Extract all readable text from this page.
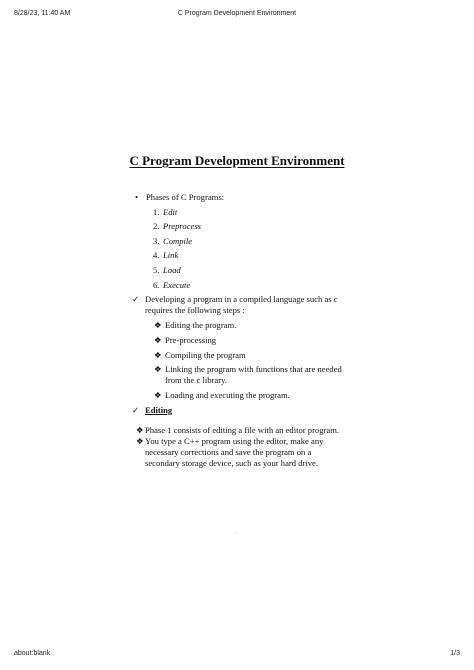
8/28/23, 11:40 AM	C Program Development Environment
C Program Development Environment
• Phases of C Programs:
1. Edit
2. Preprocess
3. Compile
4. Link
5. Load
6. Execute
✓ Developing a program in a compiled language such as c
requires the following steps :
❖ Editing the program.
❖ Pre-processing
❖ Compiling the program
❖ Linking the program with functions that are needed
from the c library.
❖ Loading and executing the program.
✓ Editing
❖ Phase 1 consists of editing a file with an editor program.
❖ You type a C++ program using the editor, make any
necessary corrections and save the program on a
secondary storage device, such as your hard drive.
about:blank	1/3
